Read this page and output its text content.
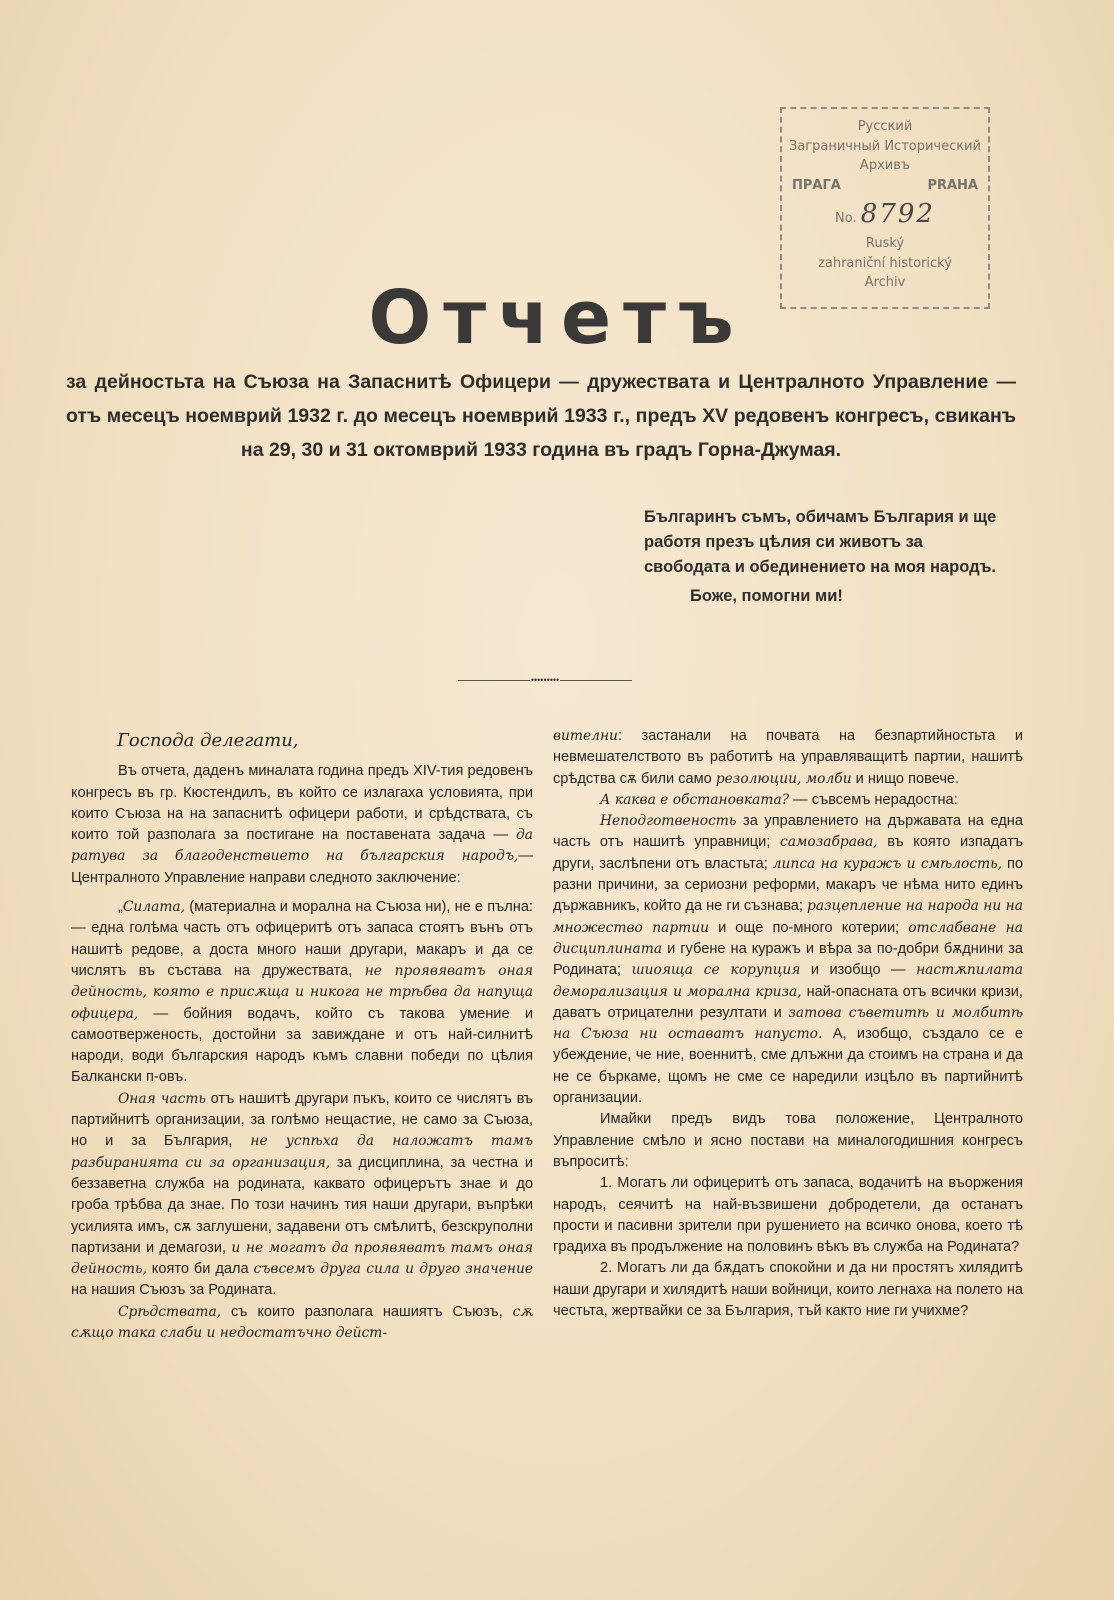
Русский
Заграничный Исторический
Архивъ
ПРАГА	PRAHA
No. 8792
Ruský
zahraniční historický
Archiv
Отчетъ
за дейностьта на Съюза на Запаснитѣ Офицери — дружествата и Централното Управление — отъ месецъ ноемврий 1932 г. до месецъ ноемврий 1933 г., предъ XV редовенъ конгресъ, свиканъ на 29, 30 и 31 октомврий 1933 година въ градъ Горна-Джумая.
Българинъ съмъ, обичамъ България и ще работя презъ цѣлия си животъ за свободата и обединението на моя народъ.
Боже, помогни ми!
•••••••••
Господа делегати,

Въ отчета, даденъ миналата година предъ XIV-тия редовенъ конгресъ въ гр. Кюстендилъ, въ който се излагаха условията, при които Съюза на на запаснитѣ офицери работи, и срѣдствата, съ които той разполага за постигане на поставената задача — да ратува за благоденствието на българския народъ,—Централното Управление направи следното заключение:

„Силата, (материална и морална на Съюза ни), не е пълна: — една голѣма часть отъ офицеритѣ отъ запаса стоятъ вънъ отъ нашитѣ редове, а доста много наши другари, макаръ и да се числятъ въ състава на дружествата, не проявяватъ оная дейность, която е присѫща и никога не трѣбва да напуща офицера, — бойния водачъ, който съ такова умение и самоотверженость, достойни за завиждане и отъ най-силнитѣ народи, води българския народъ къмъ славни победи по цѣлия Балкански п-овъ.

Оная часть отъ нашитѣ другари пъкъ, които се числятъ въ партийнитѣ организации, за голѣмо нещастие, не само за Съюза, но и за България, не успѣха да наложатъ тамъ разбиранията си за организация, за дисциплина, за честна и беззаветна служба на родината, каквато офицерътъ знае и до гроба трѣбва да знае. По този начинъ тия наши другари, въпрѣки усилията имъ, сѫ заглушени, задавени отъ смѣлитѣ, безскруполни партизани и демагози, и не могатъ да проявяватъ тамъ оная дейность, която би дала съвсемъ друга сила и друго значение на нашия Съюзъ за Родината.

Срѣдствата, съ които разполага нашиятъ Съюзъ, сѫ сѫщо така слаби и недостатъчно дейст-

вителни: застанали на почвата на безпартийностьта и невмешателството въ работитѣ на управляващитѣ партии, нашитѣ срѣдства сѫ били само резолюции, молби и нищо повече.

А каква е обстановката? — съвсемъ нерадостна:

Неподготвеность за управлението на държавата на една часть отъ нашитѣ управници; самозабрава, въ която изпадатъ други, заслѣпени отъ властьта; липса на куражъ и смѣлость, по разни причини, за сериозни реформи, макаръ че нѣма нито единъ държавникъ, който да не ги съзнава; разцепление на народа ни на множество партии и още по-много котерии; отслабване на дисциплината и губене на куражъ и вѣра за по-добри бѫднини за Родината; шиояща се корупция и изобщо — настѫпилата деморализация и морална криза, най-опасната отъ всички кризи, даватъ отрицателни резултати и затова съветитѣ и молбитѣ на Съюза ни оставатъ напусто. А, изобщо, създало се е убеждение, че ние, военнитѣ, сме длъжни да стоимъ на страна и да не се бъркаме, щомъ не сме се наредили изцѣло въ партийнитѣ организации.

Имайки предъ видъ това положение, Централното Управление смѣло и ясно постави на миналогодишния конгресъ въпроситѣ:

1. Могатъ ли офицеритѣ отъ запаса, водачитѣ на въоржения народъ, сеячитѣ на най-възвишени добродетели, да останатъ прости и пасивни зрители при рушението на всичко онова, което тѣ градиха въ продължение на половинъ вѣкъ въ служба на Родината?

2. Могатъ ли да бѫдатъ спокойни и да ни простятъ хилядитѣ наши другари и хилядитѣ наши войници, които легнаха на полето на честьта, жертвайки се за България, тъй както ние ги учихме?
